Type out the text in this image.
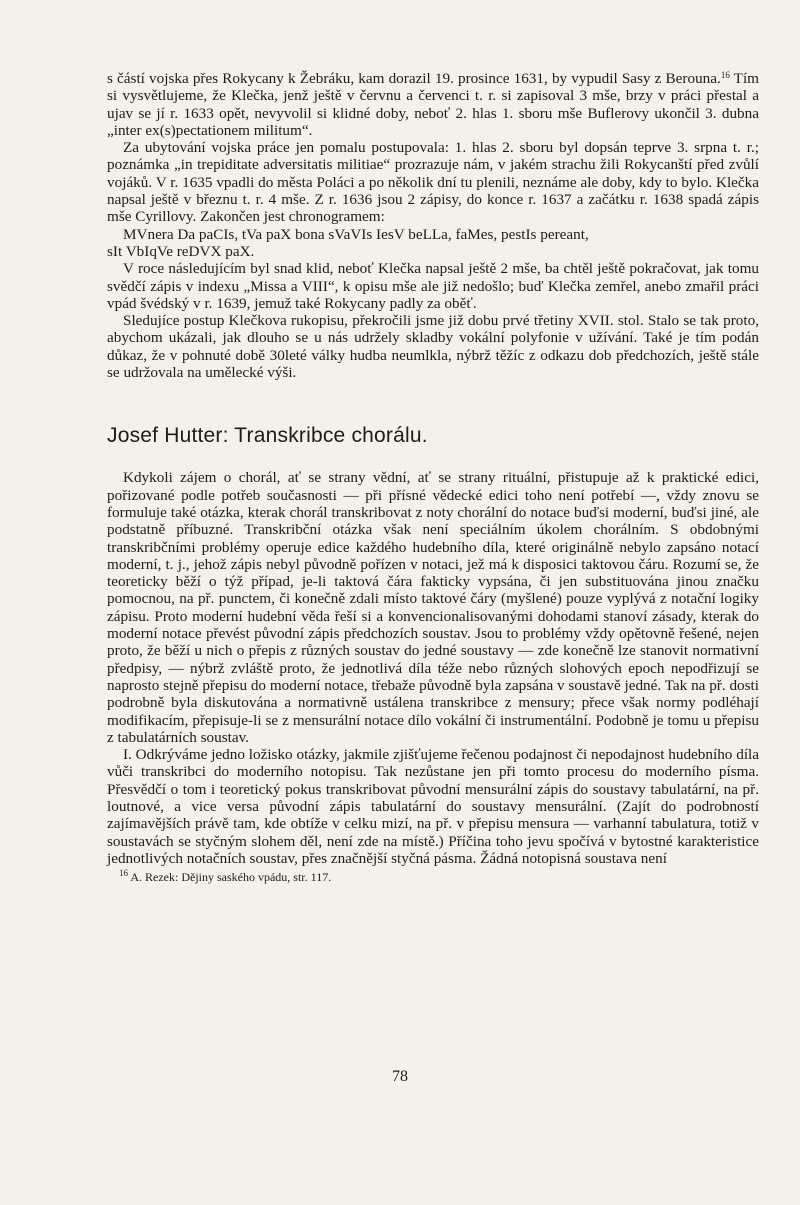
s částí vojska přes Rokycany k Žebráku, kam dorazil 19. prosince 1631, by vypudil Sasy z Berouna.$^{16}$ Tím si vysvětlujeme, že Klečka, jenž ještě v červnu a červenci t. r. si zapisoval 3 mše, brzy v práci přestal a ujav se jí r. 1633 opět, nevyvolil si klidné doby, neboť 2. hlas 1. sboru mše Buflerovy ukončil 3. dubna „inter ex(s)pectationem militum“.

Za ubytování vojska práce jen pomalu postupovala: 1. hlas 2. sboru byl dopsán teprve 3. srpna t. r.; poznámka „in trepiditate adversitatis militiae“ prozrazuje nám, v jakém strachu žili Rokycanští před zvůlí vojáků. V r. 1635 vpadli do města Poláci a po několik dní tu plenili, neznáme ale doby, kdy to bylo. Klečka napsal ještě v březnu t. r. 4 mše. Z r. 1636 jsou 2 zápisy, do konce r. 1637 a začátku r. 1638 spadá zápis mše Cyrillovy. Zakončen jest chronogramem:

MVnera Da paCIs, tVa paX bona sVaVIs IesV beLLa, faMes, pestIs pereant,

sIt VbIqVe reDVX paX.

V roce následujícím byl snad klid, neboť Klečka napsal ještě 2 mše, ba chtěl ještě pokračovat, jak tomu svědčí zápis v indexu „Missa a VIII“, k opisu mše ale již nedošlo; buď Klečka zemřel, anebo zmařil práci vpád švédský v r. 1639, jemuž také Rokycany padly za oběť.

Sledujíce postup Klečkova rukopisu, překročili jsme již dobu prvé třetiny XVII. stol. Stalo se tak proto, abychom ukázali, jak dlouho se u nás udržely skladby vokální polyfonie v užívání. Také je tím podán důkaz, že v pohnuté době 30leté války hudba neumlkla, nýbrž těžíc z odkazu dob předchozích, ještě stále se udržovala na umělecké výši.

Josef Hutter: Transkribce chorálu.

Kdykoli zájem o chorál, ať se strany vědní, ať se strany rituální, přistupuje až k praktické edici, pořizované podle potřeb současnosti — při přísné vědecké edici toho není potřebí —, vždy znovu se formuluje také otázka, kterak chorál transkribovat z noty chorální do notace buďsi moderní, buďsi jiné, ale podstatně příbuzné. Transkribční otázka však není speciálním úkolem chorálním. S obdobnými transkribčními problémy operuje edice každého hudebního díla, které originálně nebylo zapsáno notací moderní, t. j., jehož zápis nebyl původně pořízen v notaci, jež má k disposici taktovou čáru. Rozumí se, že teoreticky běží o týž případ, je-li taktová čára fakticky vypsána, či jen substituována jinou značku pomocnou, na př. punctem, či konečně zdali místo taktové čáry (myšlené) pouze vyplývá z notační logiky zápisu. Proto moderní hudební věda řeší si a konvencionalisovanými dohodami stanoví zásady, kterak do moderní notace převést původní zápis předchozích soustav. Jsou to problémy vždy opětovně řešené, nejen proto, že běží u nich o přepis z různých soustav do jedné soustavy — zde konečně lze stanovit normativní předpisy, — nýbrž zvláště proto, že jednotlivá díla téže nebo různých slohových epoch nepodřizují se naprosto stejně přepisu do moderní notace, třebaže původně byla zapsána v soustavě jedné. Tak na př. dosti podrobně byla diskutována a normativně ustálena transkribce z mensury; přece však normy podléhají modifikacím, přepisuje-li se z mensurální notace dílo vokální či instrumentální. Podobně je tomu u přepisu z tabulatárních soustav.

I. Odkrýváme jedno ložisko otázky, jakmile zjišťujeme řečenou podajnost či nepodajnost hudebního díla vůči transkribci do moderního notopisu. Tak nezůstane jen při tomto procesu do moderního písma. Přesvědčí o tom i teoretický pokus transkribovat původní mensurální zápis do soustavy tabulatární, na př. loutnové, a vice versa původní zápis tabulatární do soustavy mensurální. (Zajít do podrobností zajímavějších právě tam, kde obtíže v celku mizí, na př. v přepisu mensura — varhanní tabulatura, totiž v soustavách se styčným slohem děl, není zde na místě.) Příčina toho jevu spočívá v bytostné karakteristice jednotlivých notačních soustav, přes značnější styčná pásma. Žádná notopisná soustava není

$^{16}$ A. Rezek: Dějiny saského vpádu, str. 117.

78
